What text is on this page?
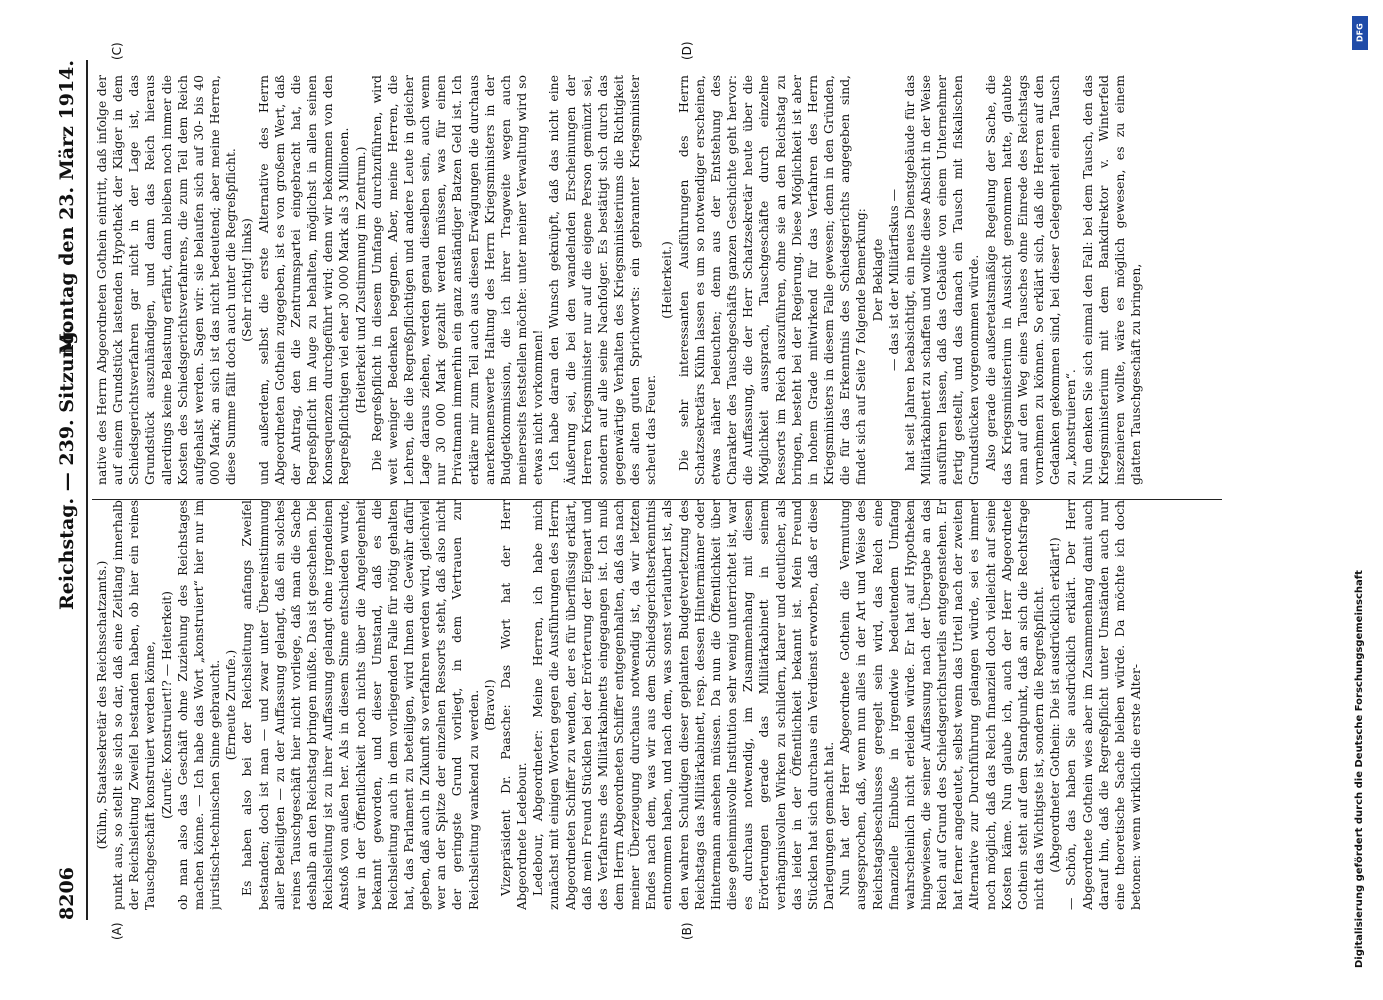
8206
Reichstag. — 239. Sitzung.
Montag den 23. März 1914.
(A)	(B)
(C)	(D)

(Kühn, Staatssekretär des Reichsschatzamts.) punkt aus, so stellt sie sich so dar, daß eine Zeitlang innerhalb der Reichsleitung Zweifel bestanden haben, ob hier ein reines Tauschgeschäft konstruiert werden könne, (Zurufe: Konstruiert!? — Heiterkeit) ob man also das Geschäft ohne Zuziehung des Reichstages machen könne. — Ich habe das Wort „konstruiert“ hier nur im juristisch-technischen Sinne gebraucht. (Erneute Zurufe.) Es haben also bei der Reichsleitung anfangs Zweifel bestanden; doch ist man — und zwar unter Übereinstimmung aller Beteiligten — zu der Auffassung gelangt, daß ein solches reines Tauschgeschäft hier nicht vorliege, daß man die Sache deshalb an den Reichstag bringen müßte. Das ist geschehen. Die Reichsleitung ist zu ihrer Auffassung gelangt ohne irgendeinen Anstoß von außen her. Als in diesem Sinne entschieden wurde, war in der Öffentlichkeit noch nichts über die Angelegenheit bekannt geworden, und dieser Umstand, daß es die Reichsleitung auch in dem vorliegenden Falle für nötig gehalten hat, das Parlament zu beteiligen, wird Ihnen die Gewähr dafür geben, daß auch in Zukunft so verfahren werden wird, gleichviel wer an der Spitze der einzelnen Ressorts steht, daß also nicht der geringste Grund vorliegt, in dem Vertrauen zur Reichsleitung wankend zu werden. (Bravo!) Vizepräsident Dr. Paasche: Das Wort hat der Herr Abgeordnete Ledebour. Ledebour, Abgeordneter: Meine Herren, ich habe mich zunächst mit einigen Worten gegen die Ausführungen des Herrn Abgeordneten Schiffer zu wenden, der es für überflüssig erklärt, daß mein Freund Stücklen bei der Erörterung der Eigenart und des Verfahrens des Militärkabinetts eingegangen ist. Ich muß dem Herrn Abgeordneten Schiffer entgegenhalten, daß das nach meiner Überzeugung durchaus notwendig ist, da wir letzten Endes nach dem, was wir aus dem Schiedsgerichtserkenntnis entnommen haben, und nach dem, was sonst verlautbart ist, als den wahren Schuldigen dieser geplanten Budgetverletzung des Reichstags das Militärkabinett, resp. dessen Hintermänner oder Hintermann ansehen müssen. Da nun die Öffentlichkeit über diese geheimnisvolle Institution sehr wenig unterrichtet ist, war es durchaus notwendig, im Zusammenhang mit diesen Erörterungen gerade das Militärkabinett in seinem verhängnisvollen Wirken zu schildern, klarer und deutlicher, als das leider in der Öffentlichkeit bekannt ist. Mein Freund Stücklen hat sich durchaus ein Verdienst erworben, daß er diese Darlegungen gemacht hat. Nun hat der Herr Abgeordnete Gothein die Vermutung ausgesprochen, daß, wenn nun alles in der Art und Weise des Reichstagsbeschlusses geregelt sein wird, das Reich eine finanzielle Einbuße in irgendwie bedeutendem Umfang wahrscheinlich nicht erleiden würde. Er hat auf Hypotheken hingewiesen, die seiner Auffassung nach der Übergabe an das Reich auf Grund des Schiedsgerichtsurteils entgegenstehen. Er hat ferner angedeutet, selbst wenn das Urteil nach der zweiten Alternative zur Durchführung gelangen würde, sei es immer noch möglich, daß das Reich finanziell doch vielleicht auf seine Kosten käme. Nun glaube ich, auch der Herr Abgeordnete Gothein steht auf dem Standpunkt, daß an sich die Rechtsfrage nicht das Wichtigste ist, sondern die Regreßpflicht. (Abgeordneter Gothein: Die ist ausdrücklich erklärt!) — Schön, das haben Sie ausdrücklich erklärt. Der Herr Abgeordnete Gothein wies aber im Zusammenhang damit auch darauf hin, daß die Regreßpflicht unter Umständen auch nur eine theoretische Sache bleiben würde. Da möchte ich doch betonen: wenn wirklich die erste Alter-

native des Herrn Abgeordneten Gothein eintritt, daß infolge der auf einem Grundstück lastenden Hypothek der Kläger in dem Schiedsgerichtsverfahren gar nicht in der Lage ist, das Grundstück auszuhändigen, und dann das Reich hieraus allerdings keine Belastung erfährt, dann bleiben noch immer die Kosten des Schiedsgerichtsverfahrens, die zum Teil dem Reich aufgehalst werden. Sagen wir: sie belaufen sich auf 30- bis 40 000 Mark; an sich ist das nicht bedeutend; aber meine Herren, diese Summe fällt doch auch unter die Regreßpflicht. (Sehr richtig! links) und außerdem, selbst die erste Alternative des Herrn Abgeordneten Gothein zugegeben, ist es von großem Wert, daß der Antrag, den die Zentrumspartei eingebracht hat, die Regreßpflicht im Auge zu behalten, möglichst in allen seinen Konsequenzen durchgeführt wird; denn wir bekommen von den Regreßpflichtigen viel eher 30 000 Mark als 3 Millionen. (Heiterkeit und Zustimmung im Zentrum.) Die Regreßpflicht in diesem Umfange durchzuführen, wird weit weniger Bedenken begegnen. Aber, meine Herren, die Lehren, die die Regreßpflichtigen und andere Leute in gleicher Lage daraus ziehen, werden genau dieselben sein, auch wenn nur 30 000 Mark gezahlt werden müssen, was für einen Privatmann immerhin ein ganz anständiger Batzen Geld ist. Ich erkläre mir zum Teil auch aus diesen Erwägungen die durchaus anerkennenswerte Haltung des Herrn Kriegsministers in der Budgetkommission, die ich ihrer Tragweite wegen auch meinerseits feststellen möchte: unter meiner Verwaltung wird so etwas nicht vorkommen! Ich habe daran den Wunsch geknüpft, daß das nicht eine Äußerung sei, die bei den wandelnden Erscheinungen der Herren Kriegsminister nur auf die eigene Person gemünzt sei, sondern auf alle seine Nachfolger. Es bestätigt sich durch das gegenwärtige Verhalten des Kriegsministeriums die Richtigkeit des alten guten Sprichworts: ein gebrannter Kriegsminister scheut das Feuer.

(Heiterkeit.) Die sehr interessanten Ausführungen des Herrn Schatzsekretärs Kühn lassen es um so notwendiger erscheinen, etwas näher beleuchten; denn aus der Entstehung des Charakter des Tauschgeschäfts ganzen Geschichte geht hervor: die Auffassung, die der Herr Schatzsekretär heute über die Möglichkeit aussprach, Tauschgeschäfte durch einzelne Ressorts im Reich auszuführen, ohne sie an den Reichstag zu bringen, besteht bei der Regierung. Diese Möglichkeit ist aber in hohem Grade mitwirkend für das Verfahren des Herrn Kriegsministers in diesem Falle gewesen; denn in den Gründen, die für das Erkenntnis des Schiedsgerichts angegeben sind, findet sich auf Seite 7 folgende Bemerkung: Der Beklagte — das ist der Militärfiskus — hat seit Jahren beabsichtigt, ein neues Dienstgebäude für das Militärkabinett zu schaffen und wollte diese Absicht in der Weise ausführen lassen, daß das Gebäude von einem Unternehmer fertig gestellt, und das danach ein Tausch mit fiskalischen Grundstücken vorgenommen würde. Also gerade die außeretatsmäßige Regelung der Sache, die das Kriegsministerium in Aussicht genommen hatte, glaubte man auf den Weg eines Tausches ohne Einrede des Reichstags vornehmen zu können. So erklärt sich, daß die Herren auf den Gedanken gekommen sind, bei dieser Gelegenheit einen Tausch zu „konstruieren“. Nun denken Sie sich einmal den Fall: bei dem Tausch, den das Kriegsministerium mit dem Bankdirektor v. Winterfeld inszenieren wollte, wäre es möglich gewesen, es zu einem glatten Tauschgeschäft zu bringen,

DFG
Digitalisierung gefördert durch die Deutsche Forschungsgemeinschaft
